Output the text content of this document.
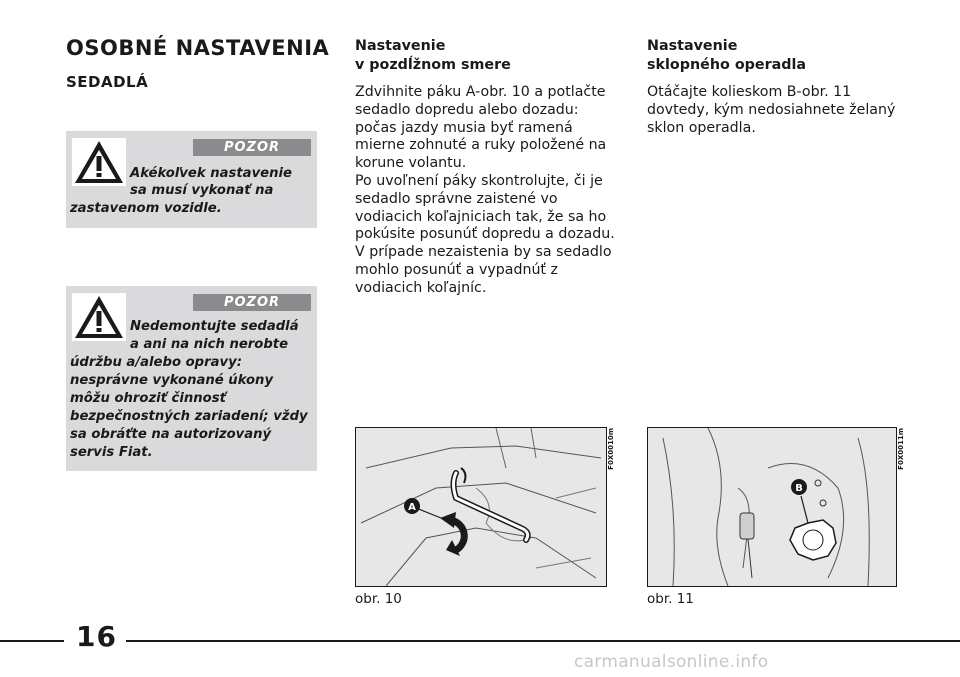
OSOBNÉ NASTAVENIA
SEDADLÁ
POZOR
Akékoľvek nastavenie
sa musí vykonať na
zastavenom vozidle.
POZOR
Nedemontujte sedadlá
a ani na nich nerobte
údržbu a/alebo opravy:
nesprávne vykonané úkony
môžu ohroziť činnosť
bezpečnostných zariadení; vždy
sa obráťte na autorizovaný
servis Fiat.
Nastavenie
v pozdĺžnom smere
Zdvihnite páku A-obr. 10 a potlačte
sedadlo dopredu alebo dozadu:
počas jazdy musia byť ramená
mierne zohnuté a ruky položené na
korune volantu.
Po uvoľnení páky skontrolujte, či je
sedadlo správne zaistené vo
vodiacich koľajniciach tak, že sa ho
pokúsite posunúť dopredu a dozadu.
V prípade nezaistenia by sa sedadlo
mohlo posunúť a vypadnúť z
vodiacich koľajníc.
Nastavenie
sklopného operadla
Otáčajte kolieskom B-obr. 11
dovtedy, kým nedosiahnete želaný
sklon operadla.
A
F0X0010m
obr. 10
B
F0X0011m
obr. 11
16
carmanualsonline.info
